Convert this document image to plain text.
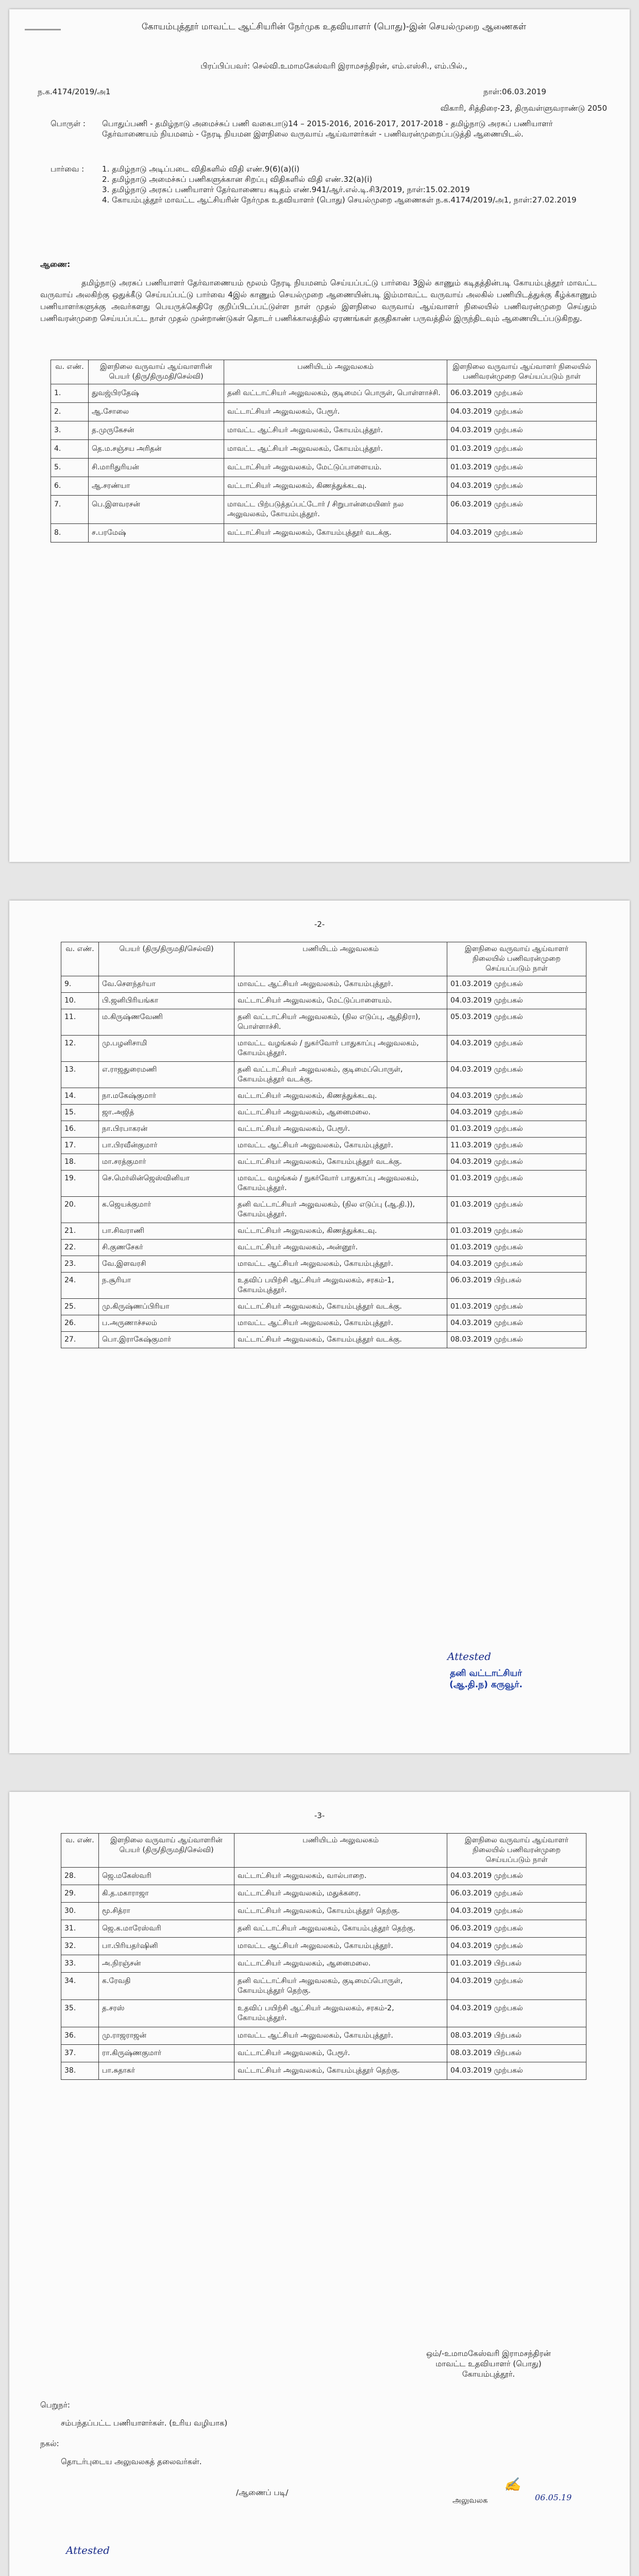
கோயம்புத்தூர் மாவட்ட ஆட்சியரின் நேர்முக உதவியாளர் (பொது)-இன் செயல்முறை ஆணைகள்
பிரப்பிப்பவர்: செல்வி.உமாமகேஸ்வரி இராமசந்திரன், எம்.எஸ்சி., எம்.பில்.,
ந.க.4174/2019/அ1	நாள்:06.03.2019
விகாரி, சித்திரை-23, திருவள்ளுவராண்டு 2050
பொருள் :	பொதுப்பணி - தமிழ்நாடு அமைச்சுப் பணி வகைபாடு14 – 2015-2016, 2016-2017, 2017-2018 - தமிழ்நாடு அரசுப் பணியாளர் தேர்வாணையம் நியமனம் - நேரடி நியமன இளநிலை வருவாய் ஆய்வாளர்கள் - பணிவரன்முறைப்படுத்தி ஆணையிடல்.
பார்வை :	1. தமிழ்நாடு அடிப்படை விதிகளில் விதி எண்.9(6)(a)(i)
2. தமிழ்நாடு அமைச்சுப் பணிகளுக்கான சிறப்பு விதிகளில் விதி எண்.32(a)(i)
3. தமிழ்நாடு அரசுப் பணியாளர் தேர்வாணைய கடிதம் எண்.941/ஆர்.எல்.டி.சி3/2019, நாள்:15.02.2019
4. கோயம்புத்தூர் மாவட்ட ஆட்சியரின் நேர்முக உதவியாளர் (பொது) செயல்முறை ஆணைகள் ந.க.4174/2019/அ1, நாள்:27.02.2019
ஆணை:
தமிழ்நாடு அரசுப் பணியாளர் தேர்வாணையம் மூலம் நேரடி நியமனம் செய்யப்பட்டு பார்வை 3இல் காணும் கடிதத்தின்படி கோயம்புத்தூர் மாவட்ட வருவாய் அலகிற்கு ஒதுக்கீடு செய்யப்பட்டு பார்வை 4இல் காணும் செயல்முறை ஆணையின்படி இம்மாவட்ட வருவாய் அலகில் பணியிடத்துக்கு கீழ்க்காணும் பணியாளர்களுக்கு அவர்களது பெயருக்கெதிரே குறிப்பிடப்பட்டுள்ள நாள் முதல் இளநிலை வருவாய் ஆய்வாளர் நிலையில் பணிவரன்முறை செய்தும் பணிவரன்முறை செய்யப்பட்ட நாள் முதல் முன்றாண்டுகள் தொடர் பணிக்காலத்தில் ஏரணங்கள் தகுதிகாண் பருவத்தில் இருந்திடவும் ஆணையிடப்படுகிறது.
வ. எண்.	இளநிலை வருவாய் ஆய்வாளரின் பெயர் (திரு/திருமதி/செல்வி)	பணியிடம் அலுவலகம்	இளநிலை வருவாய் ஆய்வாளர் நிலையில் பணிவரன்முறை செய்யப்படும் நாள்
1.	துவஜ்பிரதேஷ்	தனி வட்டாட்சியர் அலுவலகம், குடிமைப் பொருள், பொள்ளாச்சி.	06.03.2019 முற்பகல்
2.	ஆ.சோலை	வட்டாட்சியர் அலுவலகம், பேரூர்.	04.03.2019 முற்பகல்
3.	த.முருகேசன்	மாவட்ட ஆட்சியர் அலுவலகம், கோயம்புத்தூர்.	04.03.2019 முற்பகல்
4.	தெ.ம.சஞ்சய அரிதன்	மாவட்ட ஆட்சியர் அலுவலகம், கோயம்புத்தூர்.	01.03.2019 முற்பகல்
5.	சி.மாரிதுரியன்	வட்டாட்சியர் அலுவலகம், மேட்டுப்பாளையம்.	01.03.2019 முற்பகல்
6.	ஆ.சரண்யா	வட்டாட்சியர் அலுவலகம், கிணத்துக்கடவு.	04.03.2019 முற்பகல்
7.	பெ.இளவரசன்	மாவட்ட பிற்படுத்தப்பட்டோர் / சிறுபான்மையினர் நல அலுவலகம், கோயம்புத்தூர்.	06.03.2019 முற்பகல்
8.	ச.பரமேஷ்	வட்டாட்சியர் அலுவலகம், கோயம்புத்தூர் வடக்கு.	04.03.2019 முற்பகல்
-2-
வ. எண்.	பெயர் (திரு/திருமதி/செல்வி)	பணியிடம் அலுவலகம்	இளநிலை வருவாய் ஆய்வாளர் நிலையில் பணிவரன்முறை செய்யப்படும் நாள்
9.	வே.செளந்தர்யா	மாவட்ட ஆட்சியர் அலுவலகம், கோயம்புத்தூர்.	01.03.2019 முற்பகல்
10.	பி.ஜனிபிரியங்கா	வட்டாட்சியர் அலுவலகம், மேட்டுப்பாளையம்.	04.03.2019 முற்பகல்
11.	ம.கிருஷ்ணவேணி	தனி வட்டாட்சியர் அலுவலகம், (நில எடுப்பு, ஆதிதிரா), பொள்ளாச்சி.	05.03.2019 முற்பகல்
12.	மு.பழனிசாமி	மாவட்ட வழங்கல் / நுகர்வோர் பாதுகாப்பு அலுவலகம், கோயம்புத்தூர்.	04.03.2019 முற்பகல்
13.	எ.ராஜதுரைமணி	தனி வட்டாட்சியர் அலுவலகம், குடிமைப்பொருள், கோயம்புத்தூர் வடக்கு.	04.03.2019 முற்பகல்
14.	நா.மகேஷ்குமார்	வட்டாட்சியர் அலுவலகம், கிணத்துக்கடவு.	04.03.2019 முற்பகல்
15.	ஜா.அஜித்	வட்டாட்சியர் அலுவலகம், ஆனைமலை.	04.03.2019 முற்பகல்
16.	நா.பிரபாகரன்	வட்டாட்சியர் அலுவலகம், பேரூர்.	01.03.2019 முற்பகல்
17.	பா.பிரவீன்குமார்	மாவட்ட ஆட்சியர் அலுவலகம், கோயம்புத்தூர்.	11.03.2019 முற்பகல்
18.	மா.சரத்குமார்	வட்டாட்சியர் அலுவலகம், கோயம்புத்தூர் வடக்கு.	04.03.2019 முற்பகல்
19.	செ.மெர்லின்ஜெஸ்வினியா	மாவட்ட வழங்கல் / நுகர்வோர் பாதுகாப்பு அலுவலகம், கோயம்புத்தூர்.	01.03.2019 முற்பகல்
20.	க.ஜெயக்குமார்	தனி வட்டாட்சியர் அலுவலகம், (நில எடுப்பு (ஆ.தி.)), கோயம்புத்தூர்.	01.03.2019 முற்பகல்
21.	பா.சிவராணி	வட்டாட்சியர் அலுவலகம், கிணத்துக்கடவு.	01.03.2019 முற்பகல்
22.	சி.குணசேகர்	வட்டாட்சியர் அலுவலகம், அன்னூர்.	01.03.2019 முற்பகல்
23.	வே.இளவரசி	மாவட்ட ஆட்சியர் அலுவலகம், கோயம்புத்தூர்.	04.03.2019 முற்பகல்
24.	ந.சூரியா	உதவிப் பயிற்சி ஆட்சியர் அலுவலகம், சரகம்-1, கோயம்புத்தூர்.	06.03.2019 பிற்பகல்
25.	மு.கிருஷ்ணப்பிரியா	வட்டாட்சியர் அலுவலகம், கோயம்புத்தூர் வடக்கு.	01.03.2019 முற்பகல்
26.	ப.அருணாச்சலம்	மாவட்ட ஆட்சியர் அலுவலகம், கோயம்புத்தூர்.	04.03.2019 முற்பகல்
27.	பொ.இராகேஷ்குமார்	வட்டாட்சியர் அலுவலகம், கோயம்புத்தூர் வடக்கு.	08.03.2019 முற்பகல்
Attested
தனி வட்டாட்சியர்
(ஆ.தி.ந) கருவூர்.
-3-
வ. எண்.	இளநிலை வருவாய் ஆய்வாளரின் பெயர் (திரு/திருமதி/செல்வி)	பணியிடம் அலுவலகம்	இளநிலை வருவாய் ஆய்வாளர் நிலையில் பணிவரன்முறை செய்யப்படும் நாள்
28.	ஜெ.மகேஸ்வரி	வட்டாட்சியர் அலுவலகம், வால்பாறை.	04.03.2019 முற்பகல்
29.	கி.த.மகாராஜா	வட்டாட்சியர் அலுவலகம், மதுக்கரை.	06.03.2019 முற்பகல்
30.	மூ.சித்ரா	வட்டாட்சியர் அலுவலகம், கோயம்புத்தூர் தெற்கு.	04.03.2019 முற்பகல்
31.	ஜெ.க.மாரேஸ்வரி	தனி வட்டாட்சியர் அலுவலகம், கோயம்புத்தூர் தெற்கு.	06.03.2019 முற்பகல்
32.	பா.பிரியதர்ஷினி	மாவட்ட ஆட்சியர் அலுவலகம், கோயம்புத்தூர்.	04.03.2019 முற்பகல்
33.	அ.நிரஞ்சன்	வட்டாட்சியர் அலுவலகம், ஆனைமலை.	01.03.2019 பிற்பகல்
34.	க.ரேவதி	தனி வட்டாட்சியர் அலுவலகம், குடிமைப்பொருள், கோயம்புத்தூர் தெற்கு.	04.03.2019 முற்பகல்
35.	த.சரஸ்	உதவிப் பயிற்சி ஆட்சியர் அலுவலகம், சரகம்-2, கோயம்புத்தூர்.	04.03.2019 முற்பகல்
36.	மு.ராஜராஜன்	மாவட்ட ஆட்சியர் அலுவலகம், கோயம்புத்தூர்.	08.03.2019 பிற்பகல்
37.	ரா.கிருஷ்ணகுமார்	வட்டாட்சியர் அலுவலகம், பேரூர்.	08.03.2019 பிற்பகல்
38.	பா.சுதாகர்	வட்டாட்சியர் அலுவலகம், கோயம்புத்தூர் தெற்கு.	04.03.2019 முற்பகல்
ஒம்/-உமாமகேஸ்வரி இராமசந்திரன்
மாவட்ட உதவியாளர் (பொது)
கோயம்புத்தூர்.
பெறுநர்:
சம்பந்தப்பட்ட பணியாளர்கள். (உரிய வழியாக)
நகல்:
தொடர்புடைய அலுவலகத் தலைவர்கள்.
/ஆணைப் படி/
அலுவலக
✍
06.05.19
Attested
